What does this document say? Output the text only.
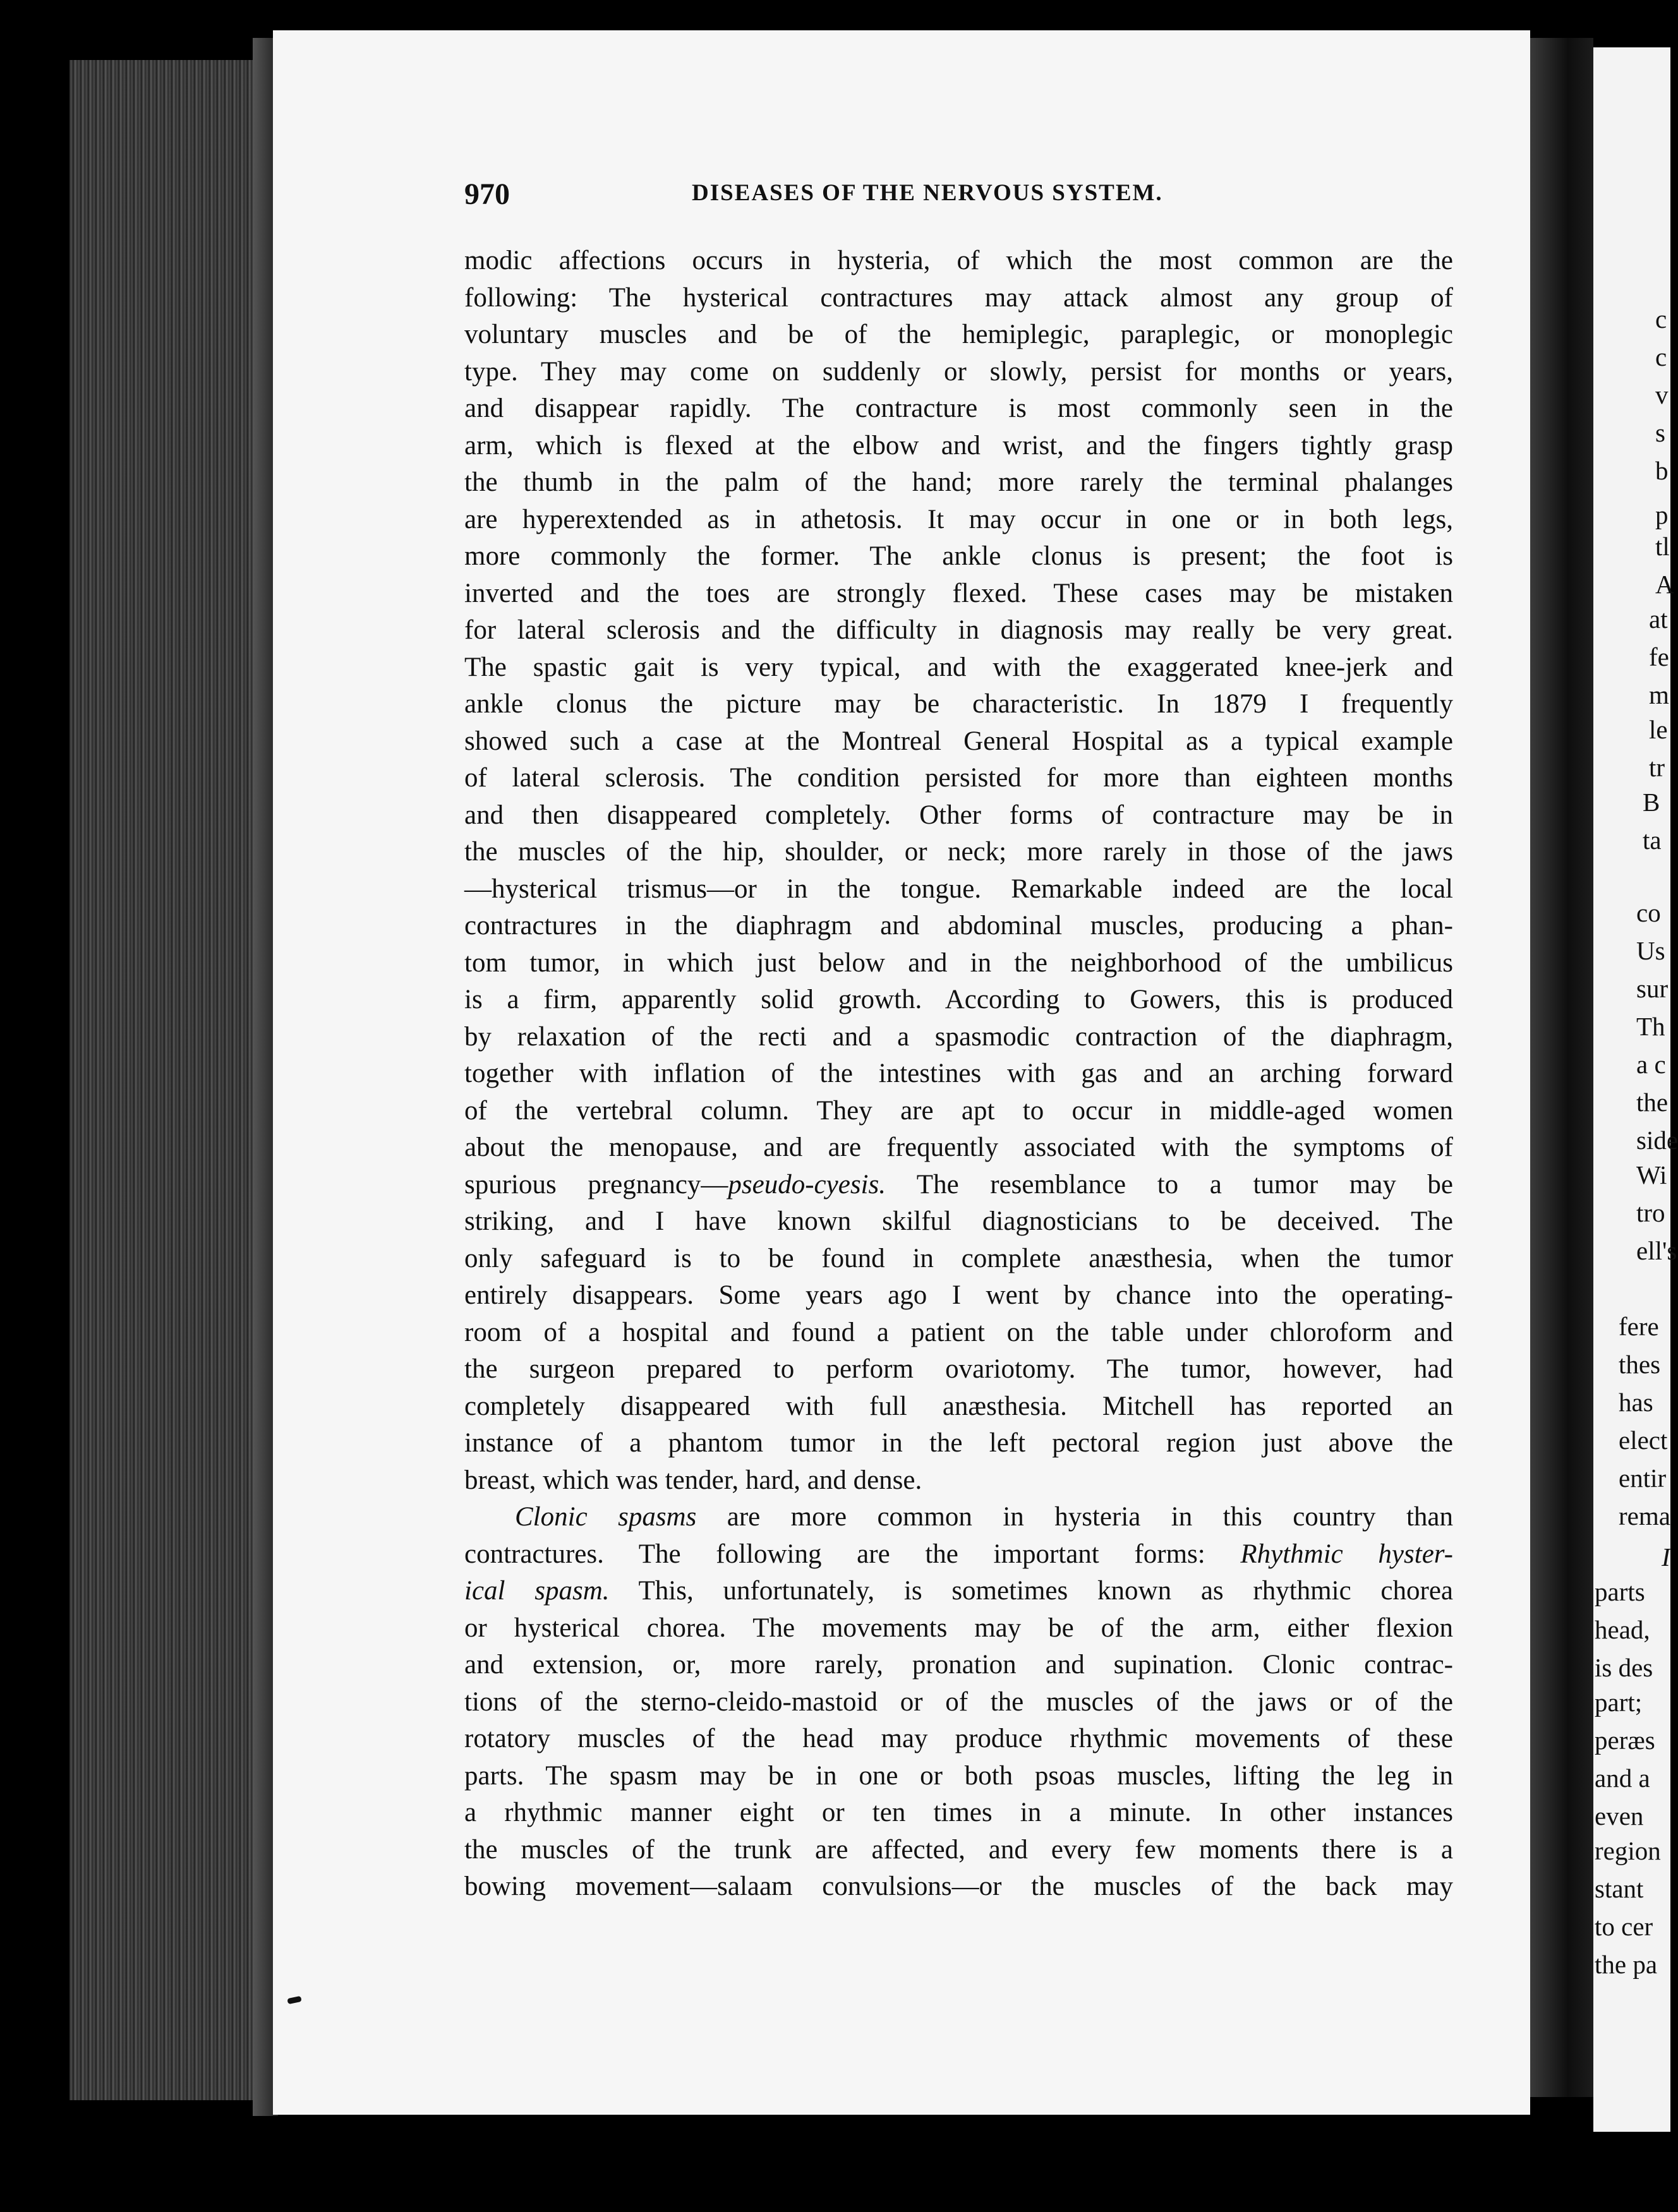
c
c
v
s
b
p
tl
A
at
fe
m
le
tr
B
ta
co
Us
sur
Th
a c
the
side
Wi
tro
ell's
fere
thes
has
elect
entir
rema
I
parts
head,
is des
part;
peræs
and a
even
region
stant
to cer
the pa
970	DISEASES OF THE NERVOUS SYSTEM.
modic affections occurs in hysteria, of which the most common are the
following: The hysterical contractures may attack almost any group of
voluntary muscles and be of the hemiplegic, paraplegic, or monoplegic
type. They may come on suddenly or slowly, persist for months or years,
and disappear rapidly. The contracture is most commonly seen in the
arm, which is flexed at the elbow and wrist, and the fingers tightly grasp
the thumb in the palm of the hand; more rarely the terminal phalanges
are hyperextended as in athetosis. It may occur in one or in both legs,
more commonly the former. The ankle clonus is present; the foot is
inverted and the toes are strongly flexed. These cases may be mistaken
for lateral sclerosis and the difficulty in diagnosis may really be very great.
The spastic gait is very typical, and with the exaggerated knee-jerk and
ankle clonus the picture may be characteristic. In 1879 I frequently
showed such a case at the Montreal General Hospital as a typical example
of lateral sclerosis. The condition persisted for more than eighteen months
and then disappeared completely. Other forms of contracture may be in
the muscles of the hip, shoulder, or neck; more rarely in those of the jaws
—hysterical trismus—or in the tongue. Remarkable indeed are the local
contractures in the diaphragm and abdominal muscles, producing a phan-
tom tumor, in which just below and in the neighborhood of the umbilicus
is a firm, apparently solid growth. According to Gowers, this is produced
by relaxation of the recti and a spasmodic contraction of the diaphragm,
together with inflation of the intestines with gas and an arching forward
of the vertebral column. They are apt to occur in middle-aged women
about the menopause, and are frequently associated with the symptoms of
spurious pregnancy—pseudo-cyesis. The resemblance to a tumor may be
striking, and I have known skilful diagnosticians to be deceived. The
only safeguard is to be found in complete anæsthesia, when the tumor
entirely disappears. Some years ago I went by chance into the operating-
room of a hospital and found a patient on the table under chloroform and
the surgeon prepared to perform ovariotomy. The tumor, however, had
completely disappeared with full anæsthesia. Mitchell has reported an
instance of a phantom tumor in the left pectoral region just above the
breast, which was tender, hard, and dense.
Clonic spasms are more common in hysteria in this country than
contractures. The following are the important forms: Rhythmic hyster-
ical spasm. This, unfortunately, is sometimes known as rhythmic chorea
or hysterical chorea. The movements may be of the arm, either flexion
and extension, or, more rarely, pronation and supination. Clonic contrac-
tions of the sterno-cleido-mastoid or of the muscles of the jaws or of the
rotatory muscles of the head may produce rhythmic movements of these
parts. The spasm may be in one or both psoas muscles, lifting the leg in
a rhythmic manner eight or ten times in a minute. In other instances
the muscles of the trunk are affected, and every few moments there is a
bowing movement—salaam convulsions—or the muscles of the back may
